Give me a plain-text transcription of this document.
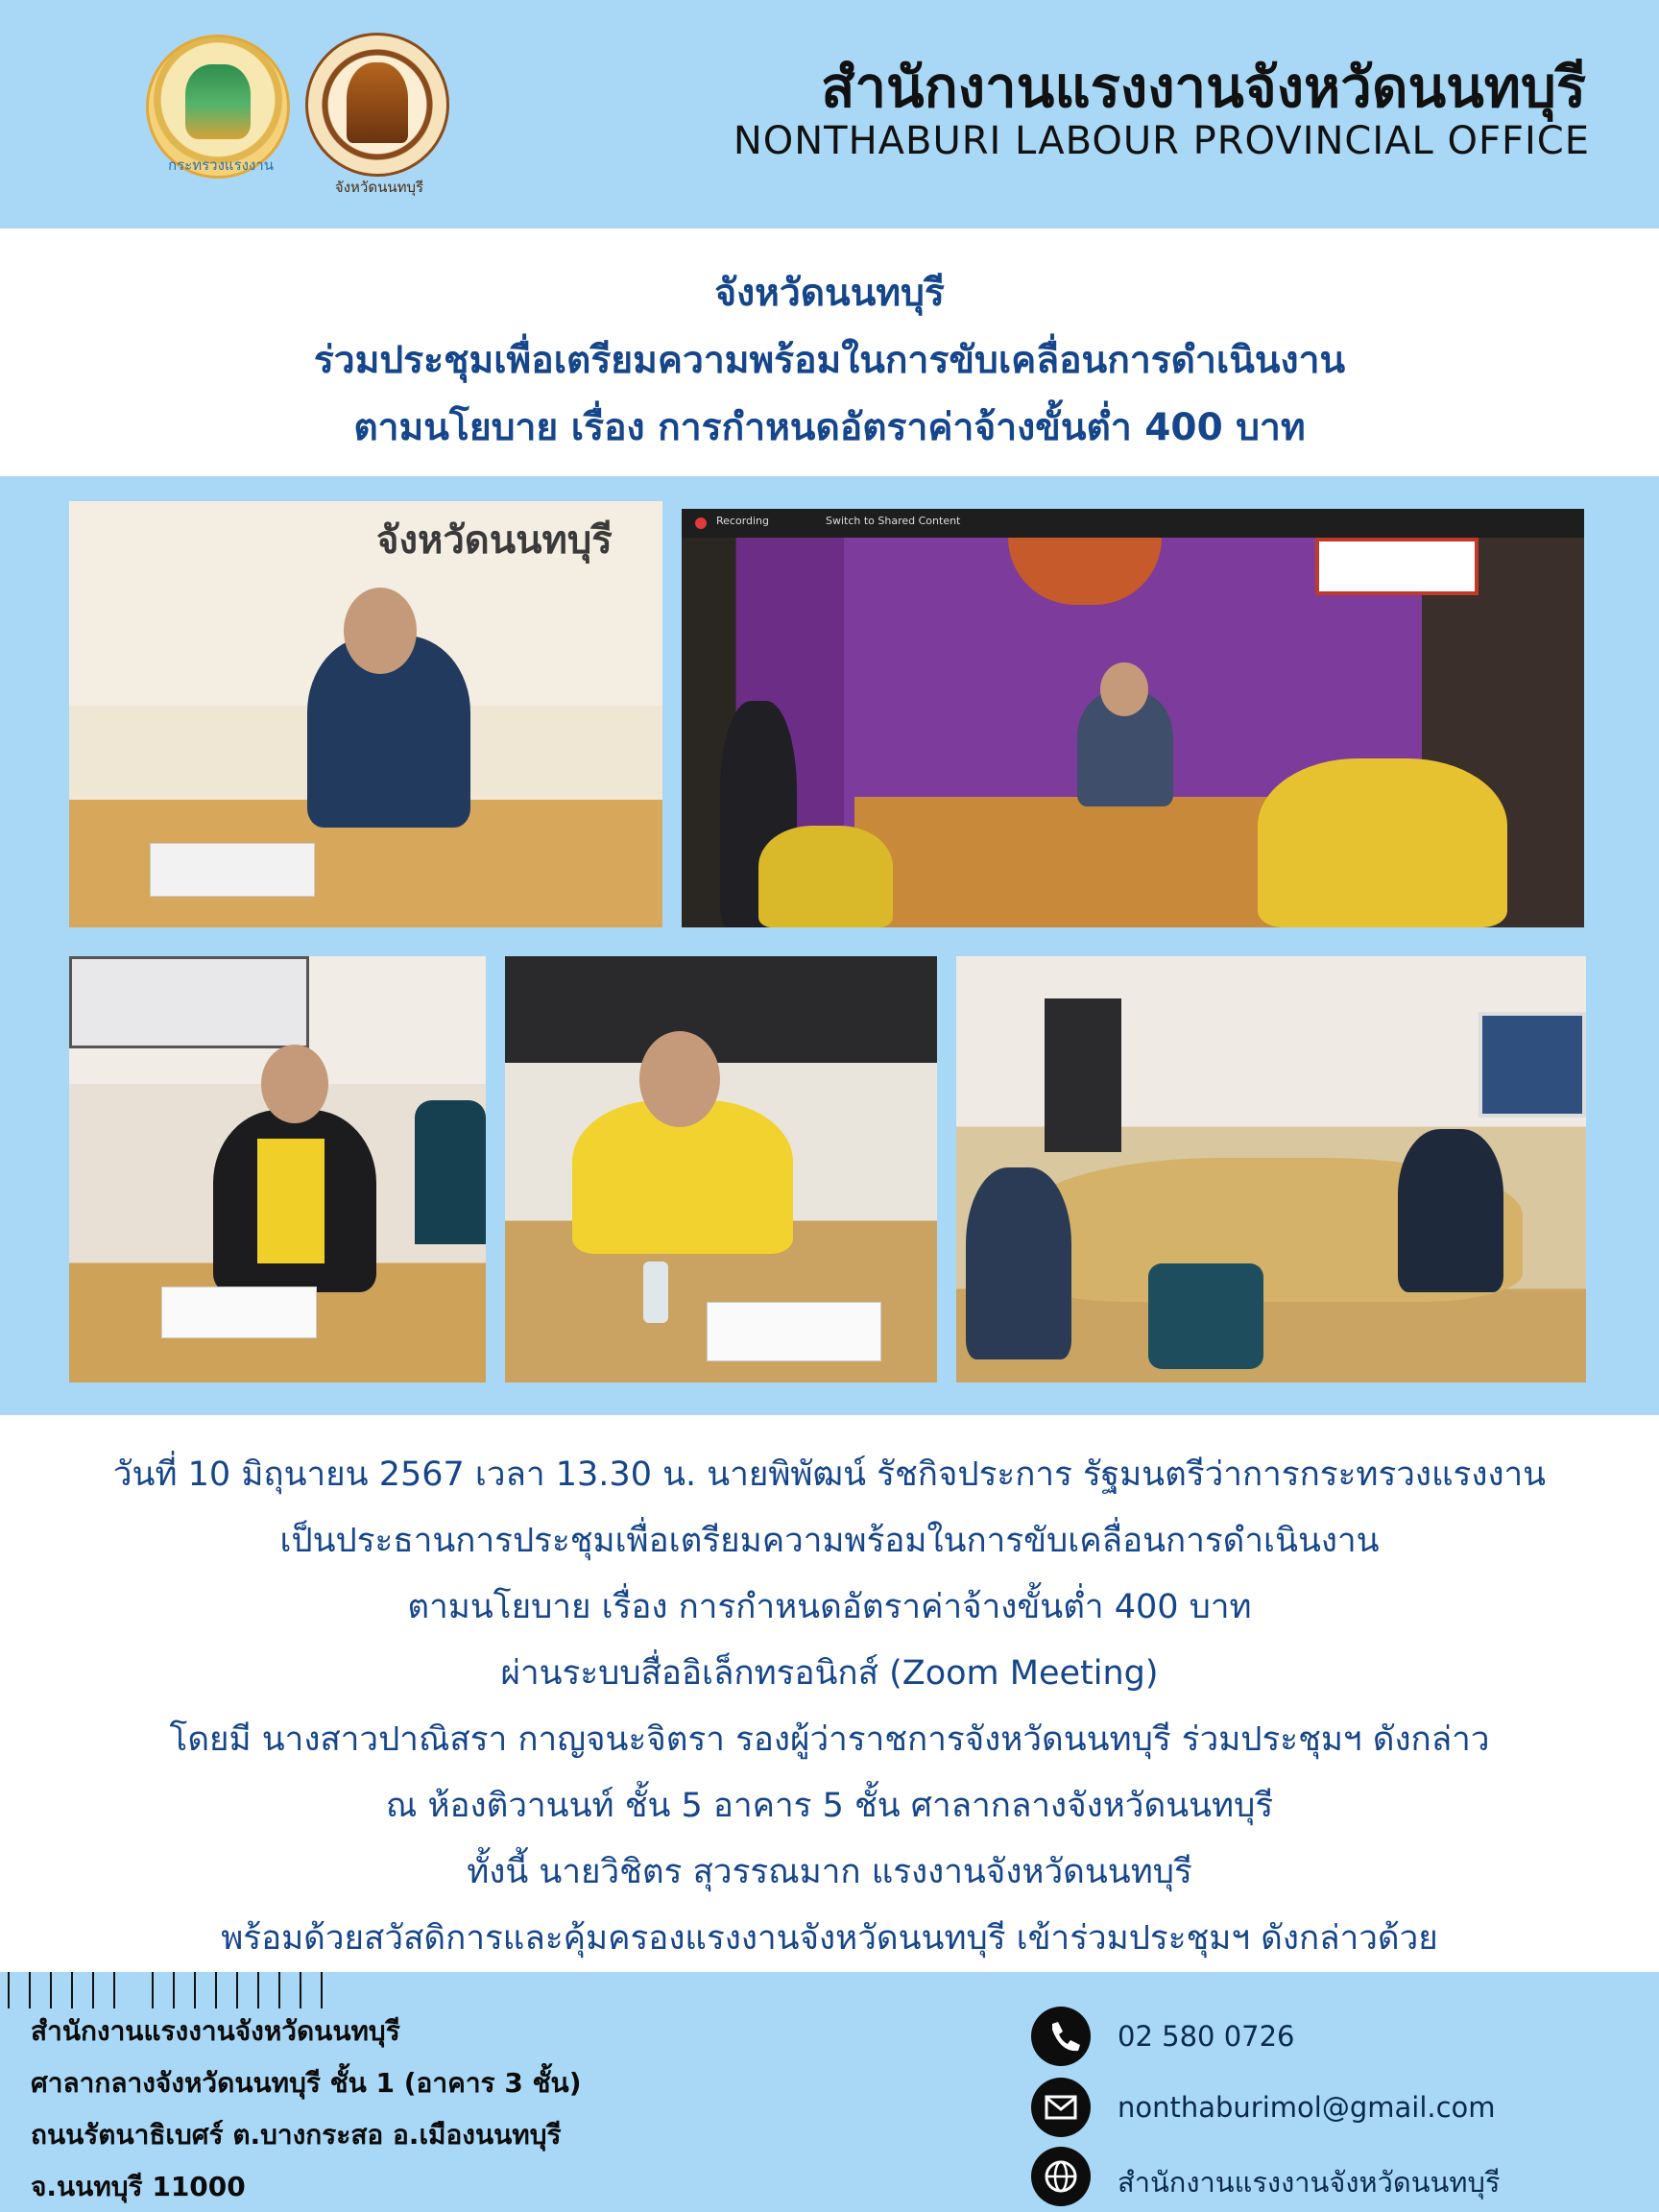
กระทรวงแรงงาน
จังหวัดนนทบุรี
สำนักงานแรงงานจังหวัดนนทบุรี
NONTHABURI LABOUR PROVINCIAL OFFICE
จังหวัดนนทบุรี
ร่วมประชุมเพื่อเตรียมความพร้อมในการขับเคลื่อนการดำเนินงาน
ตามนโยบาย เรื่อง การกำหนดอัตราค่าจ้างขั้นต่ำ 400 บาท
จังหวัดนนทบุรี	Recording	Switch to Shared Content
วันที่ 10 มิถุนายน 2567 เวลา 13.30 น. นายพิพัฒน์ รัชกิจประการ รัฐมนตรีว่าการกระทรวงแรงงาน
เป็นประธานการประชุมเพื่อเตรียมความพร้อมในการขับเคลื่อนการดำเนินงาน
ตามนโยบาย เรื่อง การกำหนดอัตราค่าจ้างขั้นต่ำ 400 บาท
ผ่านระบบสื่ออิเล็กทรอนิกส์ (Zoom Meeting)
โดยมี นางสาวปาณิสรา กาญจนะจิตรา รองผู้ว่าราชการจังหวัดนนทบุรี ร่วมประชุมฯ ดังกล่าว
ณ ห้องติวานนท์ ชั้น 5 อาคาร 5 ชั้น ศาลากลางจังหวัดนนทบุรี
ทั้งนี้ นายวิชิตร สุวรรณมาก แรงงานจังหวัดนนทบุรี
พร้อมด้วยสวัสดิการและคุ้มครองแรงงานจังหวัดนนทบุรี เข้าร่วมประชุมฯ ดังกล่าวด้วย
สำนักงานแรงงานจังหวัดนนทบุรี
ศาลากลางจังหวัดนนทบุรี ชั้น 1 (อาคาร 3 ชั้น)
ถนนรัตนาธิเบศร์ ต.บางกระสอ อ.เมืองนนทบุรี
จ.นนทบุรี 11000
02 580 0726
nonthaburimol@gmail.com
สำนักงานแรงงานจังหวัดนนทบุรี
